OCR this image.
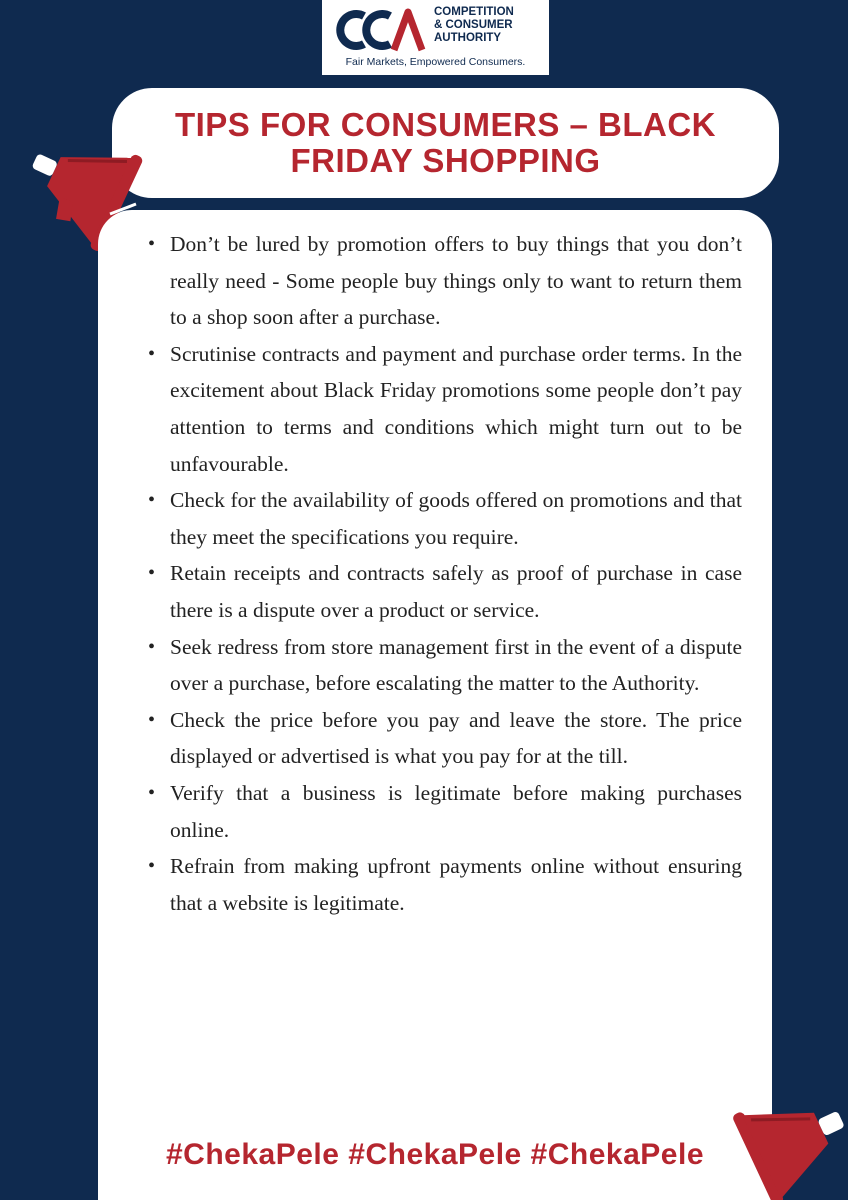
COMPETITION
& CONSUMER
AUTHORITY
Fair Markets, Empowered Consumers.
TIPS FOR CONSUMERS – BLACK FRIDAY SHOPPING
• Don’t be lured by promotion offers to buy things that you don’t really need - Some people buy things only to want to return them to a shop soon after a purchase.
• Scrutinise contracts and payment and purchase order terms. In the excitement about Black Friday promotions some people don’t pay attention to terms and conditions which might turn out to be unfavourable.
• Check for the availability of goods offered on promotions and that they meet the specifications you require.
• Retain receipts and contracts safely as proof of purchase in case there is a dispute over a product or service.
• Seek redress from store management first in the event of a dispute over a purchase, before escalating the matter to the Authority.
• Check the price before you pay and leave the store. The price displayed or advertised is what you pay for at the till.
• Verify that a business is legitimate before making purchases online.
• Refrain from making upfront payments online without ensuring that a website is legitimate.
#ChekaPele #ChekaPele #ChekaPele
